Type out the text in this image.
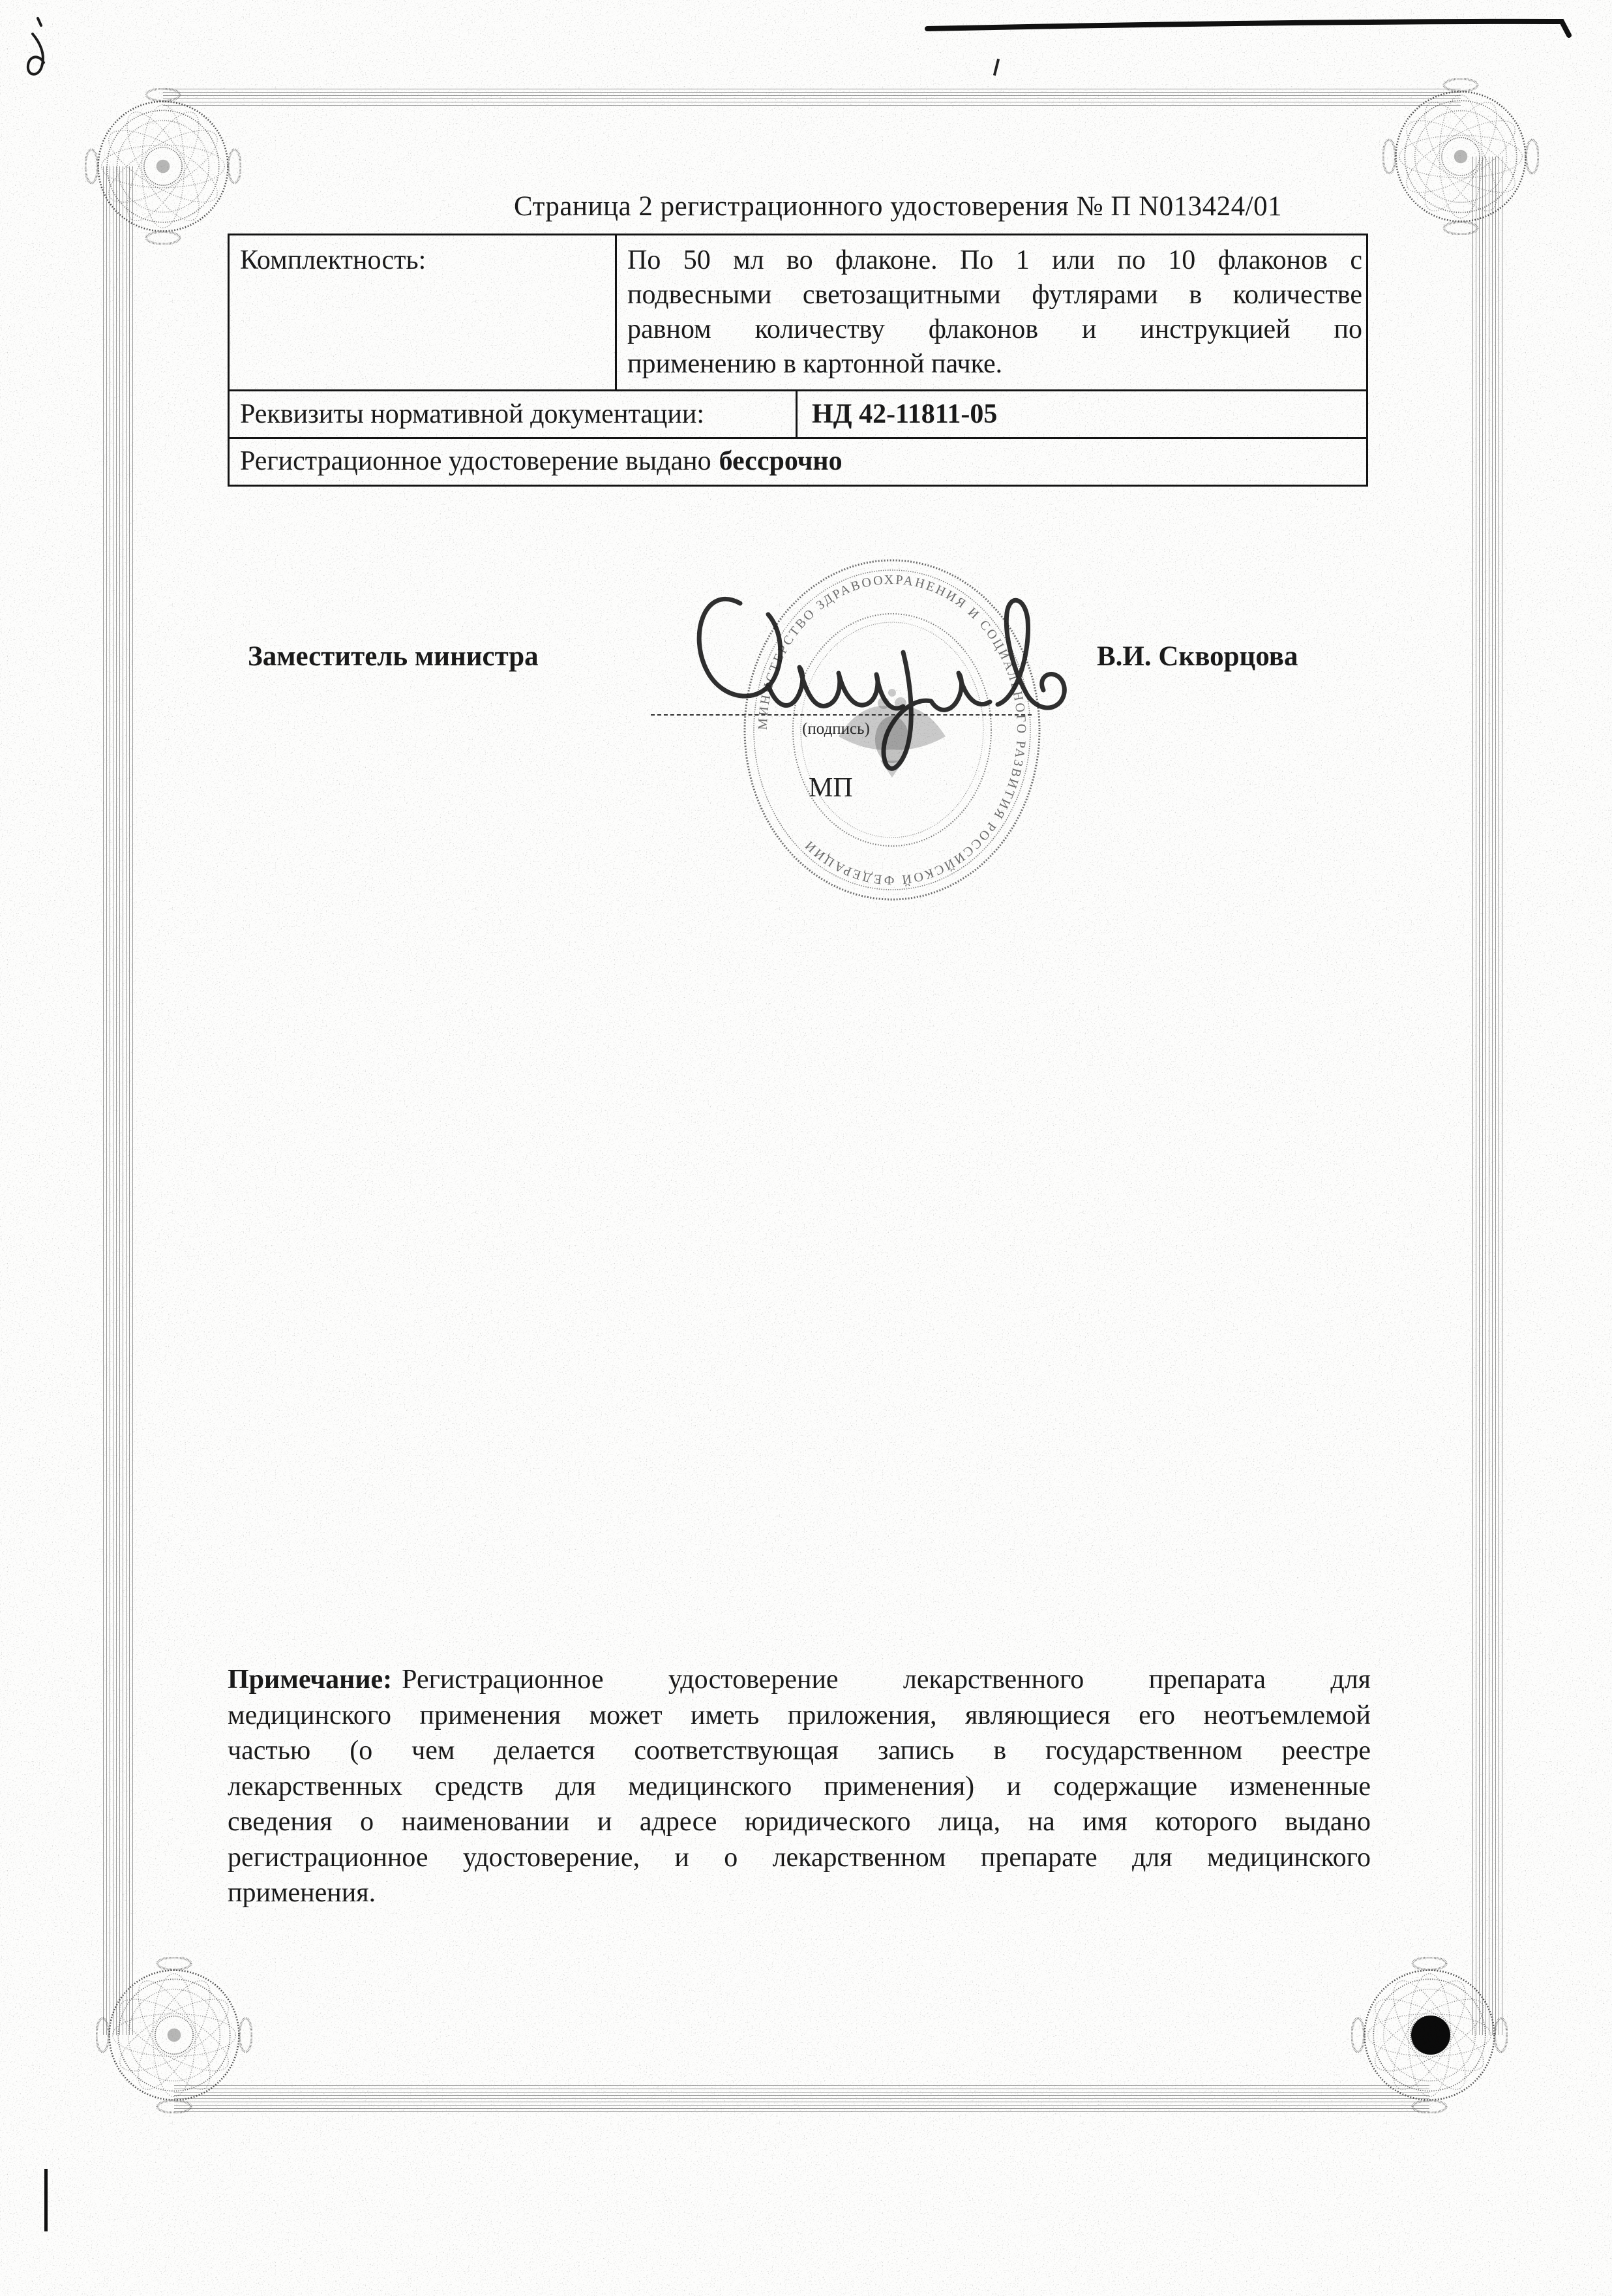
Страница 2 регистрационного удостоверения № П N013424/01
Комплектность:	По 50 мл во флаконе. По 1 или по 10 флаконов с
подвесными светозащитными футлярами в количестве
равном количеству флаконов и инструкцией по
применению в картонной пачке.
Реквизиты нормативной документации:	НД 42-11811-05
Регистрационное удостоверение выдано бессрочно
МИНИСТЕРСТВО ЗДРАВООХРАНЕНИЯ И СОЦИАЛЬНОГО РАЗВИТИЯ РОССИЙСКОЙ ФЕДЕРАЦИИ
Заместитель министра	В.И. Скворцова
(подпись)
МП
Примечание: Регистрационное удостоверение лекарственного препарата для
медицинского применения может иметь приложения, являющиеся его неотъемлемой
частью (о чем делается соответствующая запись в государственном реестре
лекарственных средств для медицинского применения) и содержащие измененные
сведения о наименовании и адресе юридического лица, на имя которого выдано
регистрационное удостоверение, и о лекарственном препарате для медицинского
применения.
